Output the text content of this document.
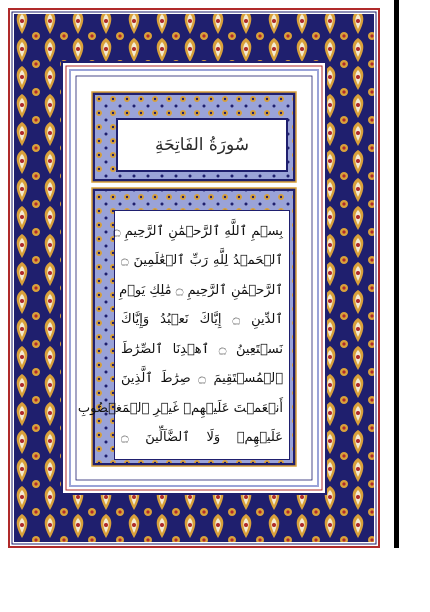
سُورَةُ الفَاتِحَةِ
بِسۡمِ ٱللَّهِ ٱلرَّحۡمَٰنِ ٱلرَّحِيمِ ۝
ٱلۡحَمۡدُ لِلَّهِ رَبِّ ٱلۡعَٰلَمِينَ ۝
ٱلرَّحۡمَٰنِ ٱلرَّحِيمِ ۝ مَٰلِكِ يَوۡمِ
ٱلدِّينِ ۝ إِيَّاكَ نَعۡبُدُ وَإِيَّاكَ
نَسۡتَعِينُ ۝ ٱهۡدِنَا ٱلصِّرَٰطَ
ٱلۡمُسۡتَقِيمَ ۝ صِرَٰطَ ٱلَّذِينَ
أَنۡعَمۡتَ عَلَيۡهِمۡ غَيۡرِ ٱلۡمَغۡضُوبِ
عَلَيۡهِمۡ وَلَا ٱلضَّآلِّينَ ۝
